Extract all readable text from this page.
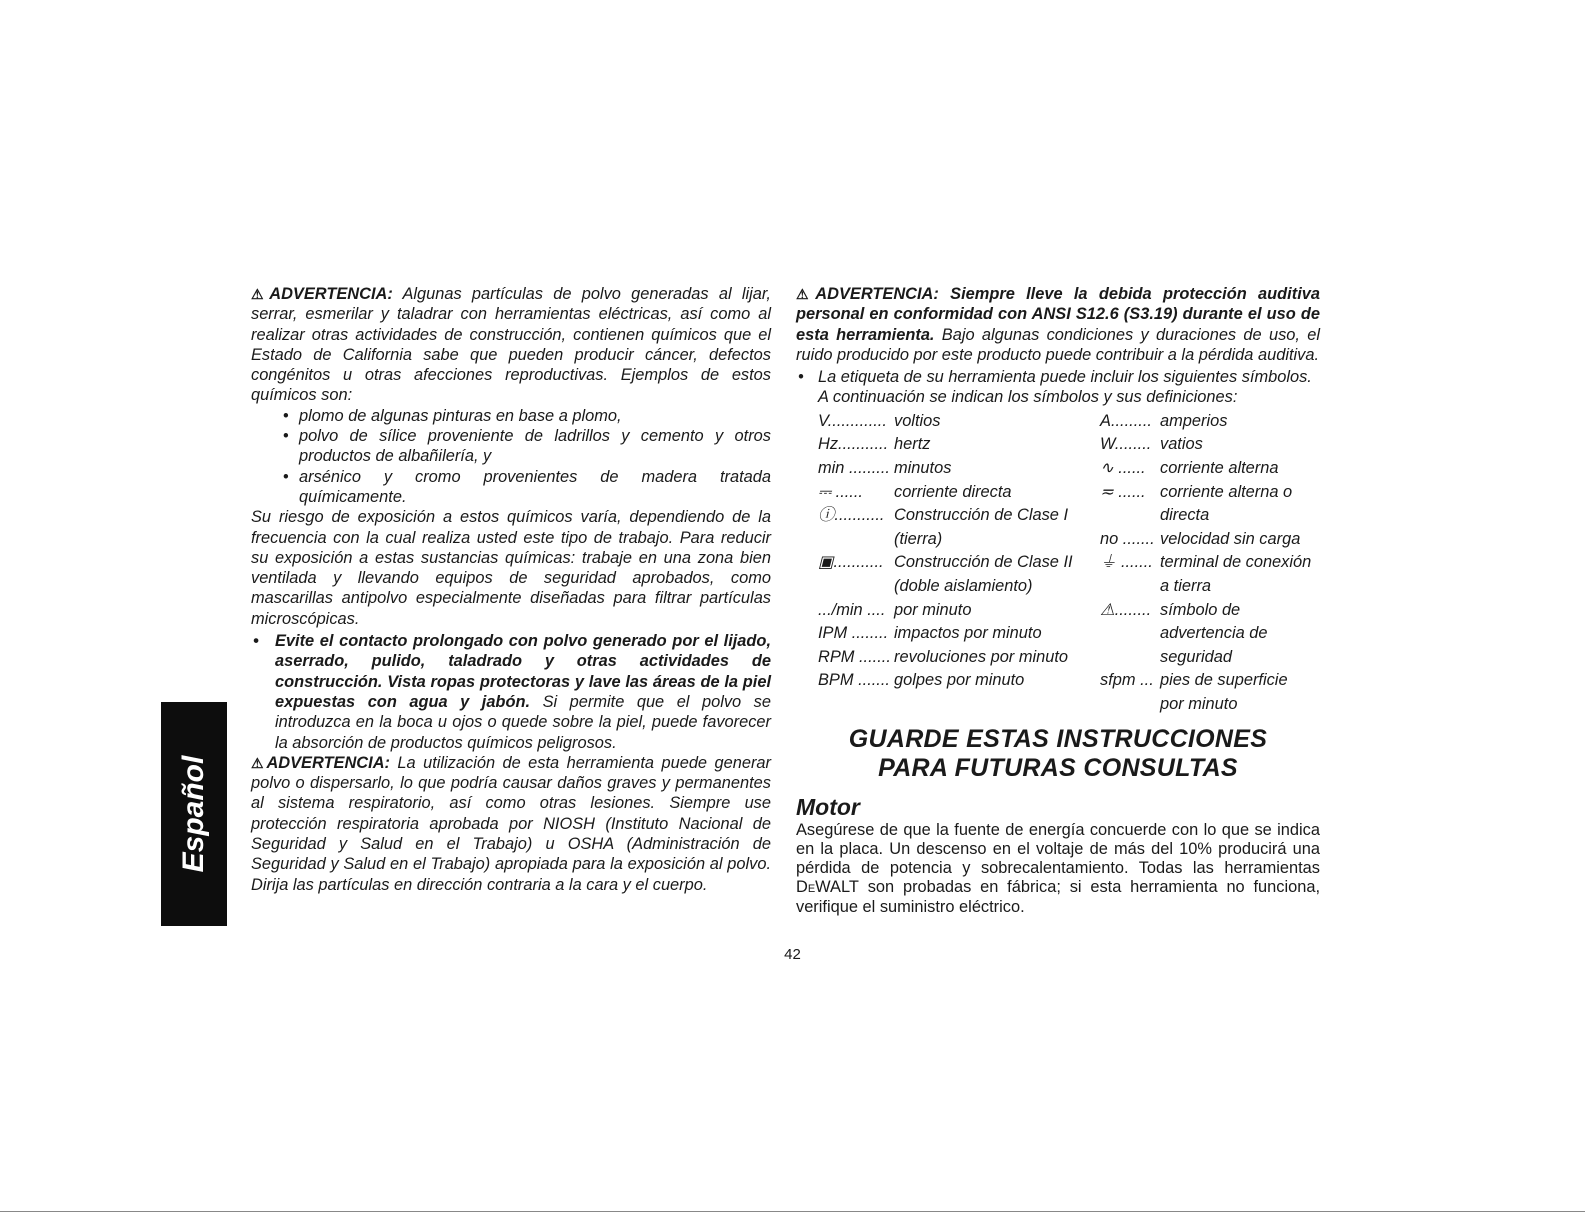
Español

⚠ADVERTENCIA: Algunas partículas de polvo generadas al lijar, serrar, esmerilar y taladrar con herramientas eléctricas, así como al realizar otras actividades de construcción, contienen químicos que el Estado de California sabe que pueden producir cáncer, defectos congénitos u otras afecciones reproductivas. Ejemplos de estos químicos son:

• plomo de algunas pinturas en base a plomo,
• polvo de sílice proveniente de ladrillos y cemento y otros productos de albañilería, y
• arsénico y cromo provenientes de madera tratada químicamente.

Su riesgo de exposición a estos químicos varía, dependiendo de la frecuencia con la cual realiza usted este tipo de trabajo. Para reducir su exposición a estas sustancias químicas: trabaje en una zona bien ventilada y llevando equipos de seguridad aprobados, como mascarillas antipolvo especialmente diseñadas para filtrar partículas microscópicas.

• Evite el contacto prolongado con polvo generado por el lijado, aserrado, pulido, taladrado y otras actividades de construcción. Vista ropas protectoras y lave las áreas de la piel expuestas con agua y jabón. Si permite que el polvo se introduzca en la boca u ojos o quede sobre la piel, puede favorecer la absorción de productos químicos peligrosos.

⚠ADVERTENCIA: La utilización de esta herramienta puede generar polvo o dispersarlo, lo que podría causar daños graves y permanentes al sistema respiratorio, así como otras lesiones. Siempre use protección respiratoria aprobada por NIOSH (Instituto Nacional de Seguridad y Salud en el Trabajo) u OSHA (Administración de Seguridad y Salud en el Trabajo) apropiada para la exposición al polvo. Dirija las partículas en dirección contraria a la cara y el cuerpo.

⚠ADVERTENCIA: Siempre lleve la debida protección auditiva personal en conformidad con ANSI S12.6 (S3.19) durante el uso de esta herramienta. Bajo algunas condiciones y duraciones de uso, el ruido producido por este producto puede contribuir a la pérdida auditiva.

• La etiqueta de su herramienta puede incluir los siguientes símbolos. A continuación se indican los símbolos y sus definiciones:
V............. voltios
Hz........... hertz
min ......... minutos
⎓ ......	corriente directa
ⓘ........... Construcción de Clase I
(tierra)
▣........... Construcción de Clase II
(doble aislamiento)
.../min .... por minuto
IPM ........ impactos por minuto
RPM ....... revoluciones por minuto
BPM ....... golpes por minuto
A......... amperios
W........ vatios
∿ ...... corriente alterna
≂ ...... corriente alterna o
directa
no ....... velocidad sin carga
⏚ ....... terminal de conexión
a tierra
⚠........ símbolo de
advertencia de
seguridad
sfpm ... pies de superficie
por minuto
GUARDE ESTAS INSTRUCCIONES
PARA FUTURAS CONSULTAS
Motor

Asegúrese de que la fuente de energía concuerde con lo que se indica en la placa. Un descenso en el voltaje de más del 10% producirá una pérdida de potencia y sobrecalentamiento. Todas las herramientas DeWALT son probadas en fábrica; si esta herramienta no funciona, verifique el suministro eléctrico.

42
